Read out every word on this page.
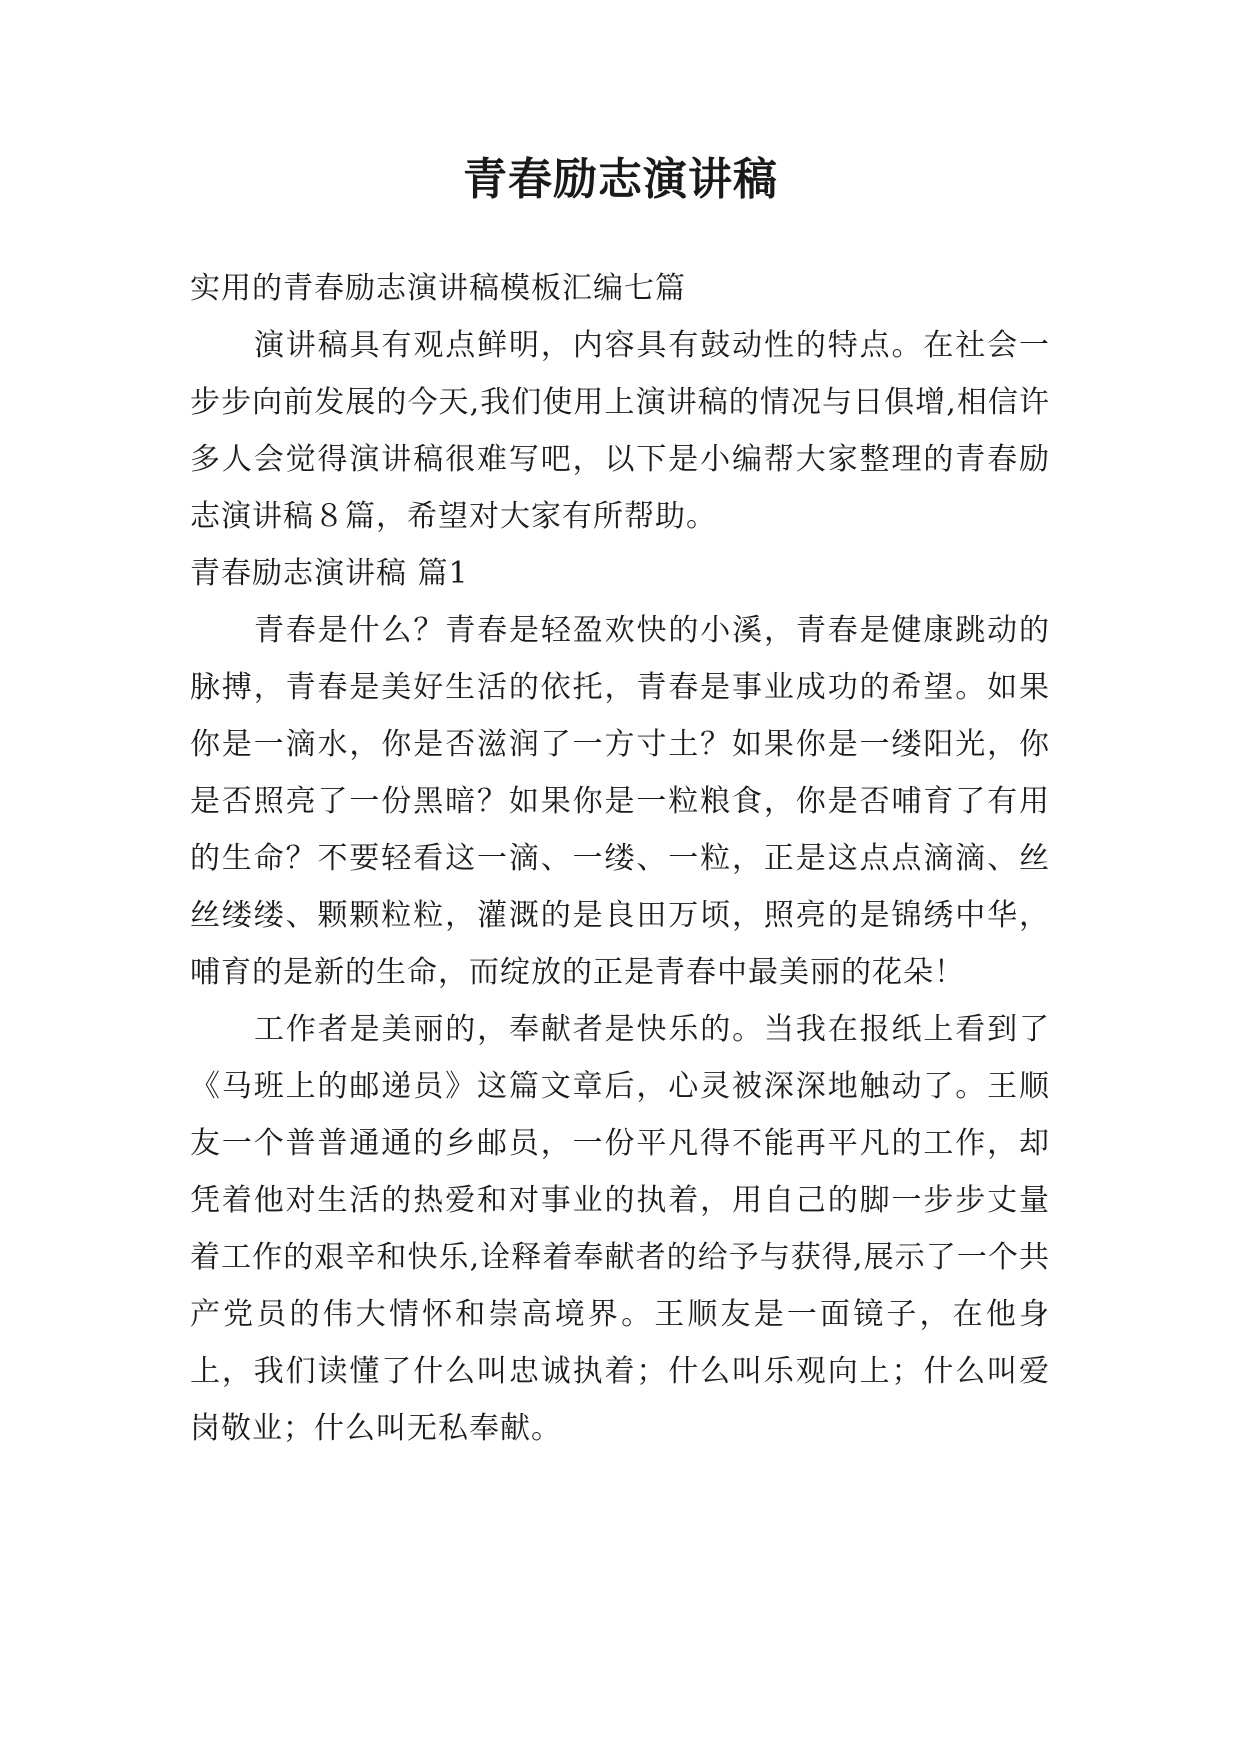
青春励志演讲稿

实用的青春励志演讲稿模板汇编七篇

演讲稿具有观点鲜明，内容具有鼓动性的特点。在社会一步步向前发展的今天,我们使用上演讲稿的情况与日俱增,相信许多人会觉得演讲稿很难写吧，以下是小编帮大家整理的青春励志演讲稿８篇，希望对大家有所帮助。

青春励志演讲稿 篇1

青春是什么？青春是轻盈欢快的小溪，青春是健康跳动的脉搏，青春是美好生活的依托，青春是事业成功的希望。如果你是一滴水，你是否滋润了一方寸土？如果你是一缕阳光，你是否照亮了一份黑暗？如果你是一粒粮食，你是否哺育了有用的生命？不要轻看这一滴、一缕、一粒，正是这点点滴滴、丝丝缕缕、颗颗粒粒，灌溉的是良田万顷，照亮的是锦绣中华，哺育的是新的生命，而绽放的正是青春中最美丽的花朵！

工作者是美丽的，奉献者是快乐的。当我在报纸上看到了《马班上的邮递员》这篇文章后，心灵被深深地触动了。王顺友一个普普通通的乡邮员，一份平凡得不能再平凡的工作，却凭着他对生活的热爱和对事业的执着，用自己的脚一步步丈量着工作的艰辛和快乐,诠释着奉献者的给予与获得,展示了一个共产党员的伟大情怀和崇高境界。王顺友是一面镜子，在他身上，我们读懂了什么叫忠诚执着；什么叫乐观向上；什么叫爱岗敬业；什么叫无私奉献。
